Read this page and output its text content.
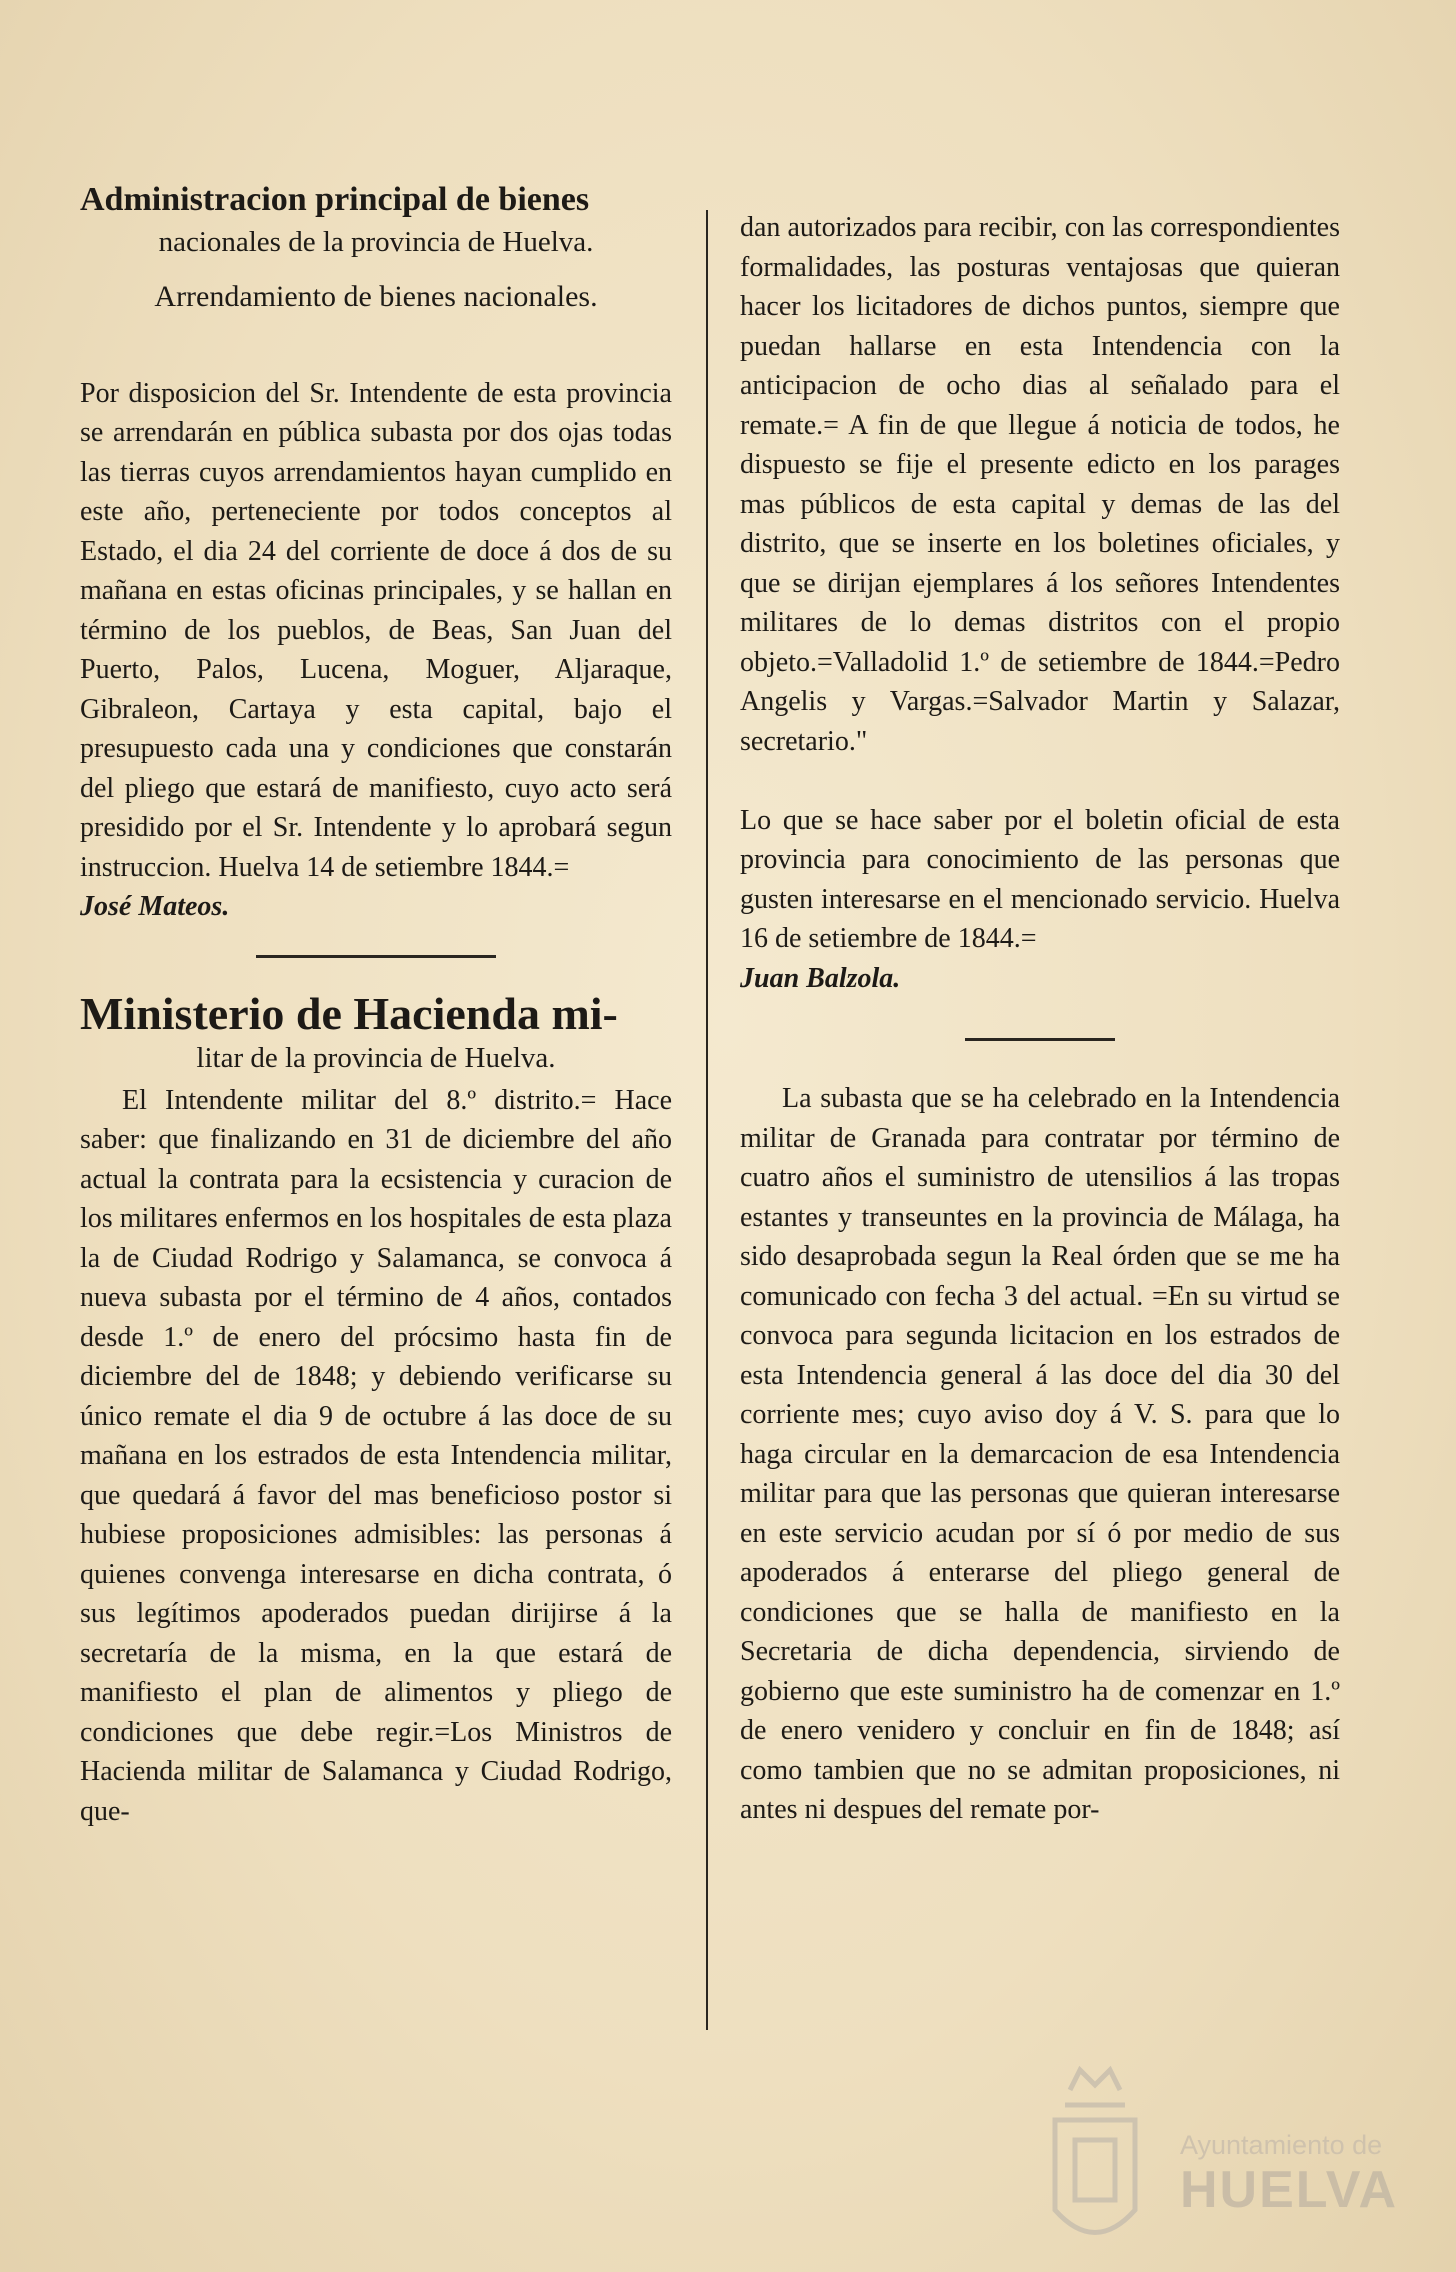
Administracion principal de bienes
nacionales de la provincia de Huelva.
Arrendamiento de bienes nacionales.

Por disposicion del Sr. Intendente de esta provincia se arrendarán en pública subasta por dos ojas todas las tierras cuyos arrendamientos hayan cumplido en este año, perteneciente por todos conceptos al Estado, el dia 24 del corriente de doce á dos de su mañana en estas oficinas principales, y se hallan en término de los pueblos, de Beas, San Juan del Puerto, Palos, Lucena, Moguer, Aljaraque, Gibraleon, Cartaya y esta capital, bajo el presupuesto cada una y condiciones que constarán del pliego que estará de manifiesto, cuyo acto será presidido por el Sr. Intendente y lo aprobará segun instruccion. Huelva 14 de setiembre 1844.=
José Mateos.

Ministerio de Hacienda mi-
litar de la provincia de Huelva.

El Intendente militar del 8.º distrito.= Hace saber: que finalizando en 31 de diciembre del año actual la contrata para la ecsistencia y curacion de los militares enfermos en los hospitales de esta plaza la de Ciudad Rodrigo y Salamanca, se convoca á nueva subasta por el término de 4 años, contados desde 1.º de enero del prócsimo hasta fin de diciembre del de 1848; y debiendo verificarse su único remate el dia 9 de octubre á las doce de su mañana en los estrados de esta Intendencia militar, que quedará á favor del mas beneficioso postor si hubiese proposiciones admisibles: las personas á quienes convenga interesarse en dicha contrata, ó sus legítimos apoderados puedan dirijirse á la secretaría de la misma, en la que estará de manifiesto el plan de alimentos y pliego de condiciones que debe regir.=Los Ministros de Hacienda militar de Salamanca y Ciudad Rodrigo, que-

dan autorizados para recibir, con las correspondientes formalidades, las posturas ventajosas que quieran hacer los licitadores de dichos puntos, siempre que puedan hallarse en esta Intendencia con la anticipacion de ocho dias al señalado para el remate.= A fin de que llegue á noticia de todos, he dispuesto se fije el presente edicto en los parages mas públicos de esta capital y demas de las del distrito, que se inserte en los boletines oficiales, y que se dirijan ejemplares á los señores Intendentes militares de lo demas distritos con el propio objeto.=Valladolid 1.º de setiembre de 1844.=Pedro Angelis y Vargas.=Salvador Martin y Salazar, secretario."

Lo que se hace saber por el boletin oficial de esta provincia para conocimiento de las personas que gusten interesarse en el mencionado servicio. Huelva 16 de setiembre de 1844.=
Juan Balzola.

La subasta que se ha celebrado en la Intendencia militar de Granada para contratar por término de cuatro años el suministro de utensilios á las tropas estantes y transeuntes en la provincia de Málaga, ha sido desaprobada segun la Real órden que se me ha comunicado con fecha 3 del actual. =En su virtud se convoca para segunda licitacion en los estrados de esta Intendencia general á las doce del dia 30 del corriente mes; cuyo aviso doy á V. S. para que lo haga circular en la demarcacion de esa Intendencia militar para que las personas que quieran interesarse en este servicio acudan por sí ó por medio de sus apoderados á enterarse del pliego general de condiciones que se halla de manifiesto en la Secretaria de dicha dependencia, sirviendo de gobierno que este suministro ha de comenzar en 1.º de enero venidero y concluir en fin de 1848; así como tambien que no se admitan proposiciones, ni antes ni despues del remate por-

Ayuntamiento de
HUELVA
